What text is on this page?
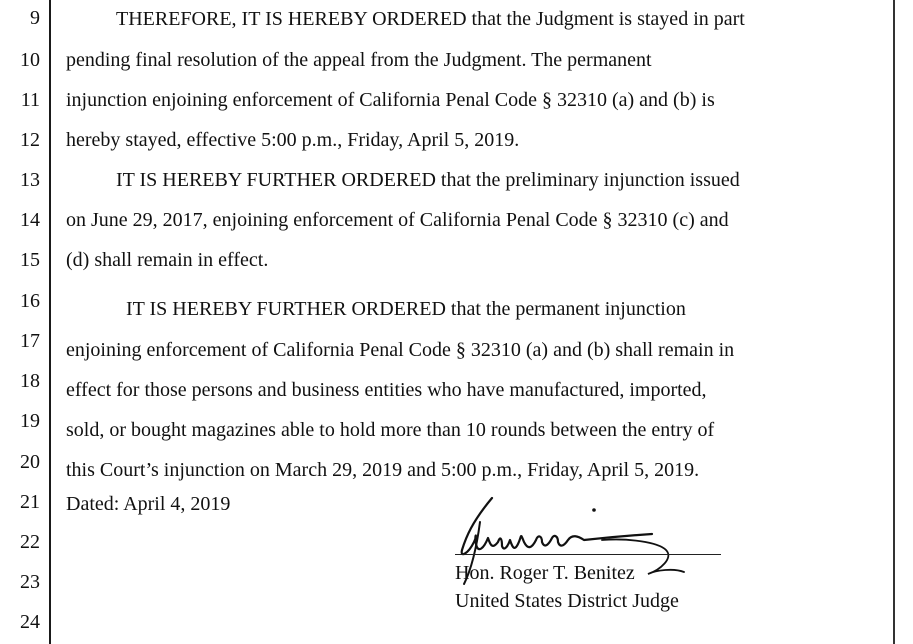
9
10
11
12
13
14
15
16
17
18
19
20
21
22
23
24
THEREFORE, IT IS HEREBY ORDERED that the Judgment is stayed in part
pending final resolution of the appeal from the Judgment. The permanent
injunction enjoining enforcement of California Penal Code § 32310 (a) and (b) is
hereby stayed, effective 5:00 p.m., Friday, April 5, 2019.
IT IS HEREBY FURTHER ORDERED that the preliminary injunction issued
on June 29, 2017, enjoining enforcement of California Penal Code § 32310 (c) and
(d) shall remain in effect.
IT IS HEREBY FURTHER ORDERED that the permanent injunction
enjoining enforcement of California Penal Code § 32310 (a) and (b) shall remain in
effect for those persons and business entities who have manufactured, imported,
sold, or bought magazines able to hold more than 10 rounds between the entry of
this Court’s injunction on March 29, 2019 and 5:00 p.m., Friday, April 5, 2019.
Dated: April 4, 2019
Hon. Roger T. Benitez
United States District Judge
